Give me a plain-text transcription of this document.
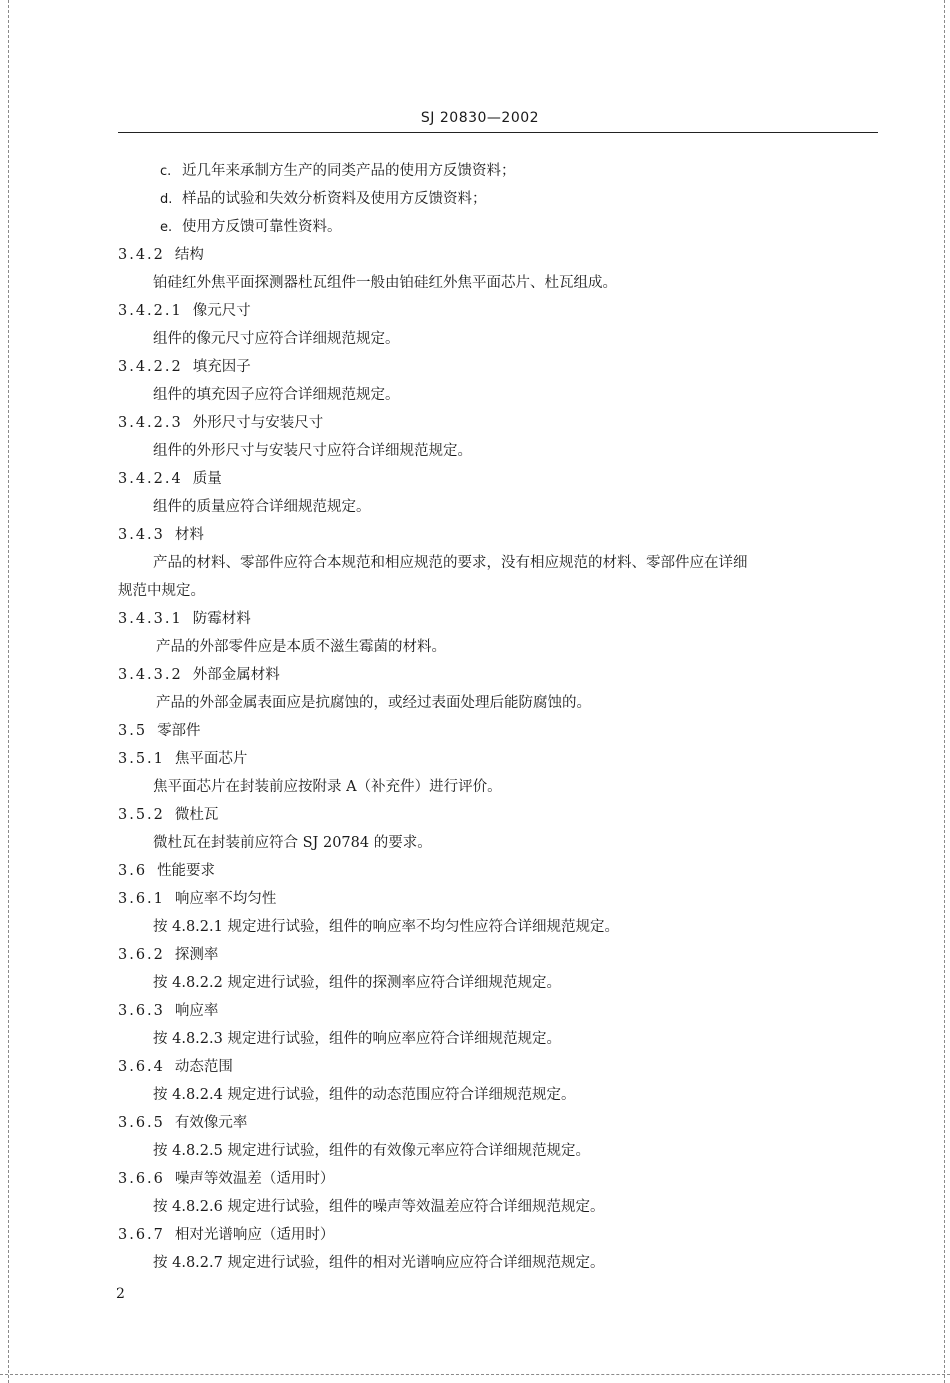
SJ 20830—2002
c. 近几年来承制方生产的同类产品的使用方反馈资料；
d. 样品的试验和失效分析资料及使用方反馈资料；
e. 使用方反馈可靠性资料。
3.4.2 结构
铂硅红外焦平面探测器杜瓦组件一般由铂硅红外焦平面芯片、杜瓦组成。
3.4.2.1 像元尺寸
组件的像元尺寸应符合详细规范规定。
3.4.2.2 填充因子
组件的填充因子应符合详细规范规定。
3.4.2.3 外形尺寸与安装尺寸
组件的外形尺寸与安装尺寸应符合详细规范规定。
3.4.2.4 质量
组件的质量应符合详细规范规定。
3.4.3 材料
产品的材料、零部件应符合本规范和相应规范的要求，没有相应规范的材料、零部件应在详细
规范中规定。
3.4.3.1 防霉材料
产品的外部零件应是本质不滋生霉菌的材料。
3.4.3.2 外部金属材料
产品的外部金属表面应是抗腐蚀的，或经过表面处理后能防腐蚀的。
3.5 零部件
3.5.1 焦平面芯片
焦平面芯片在封装前应按附录 A（补充件）进行评价。
3.5.2 微杜瓦
微杜瓦在封装前应符合 SJ 20784 的要求。
3.6 性能要求
3.6.1 响应率不均匀性
按 4.8.2.1 规定进行试验，组件的响应率不均匀性应符合详细规范规定。
3.6.2 探测率
按 4.8.2.2 规定进行试验，组件的探测率应符合详细规范规定。
3.6.3 响应率
按 4.8.2.3 规定进行试验，组件的响应率应符合详细规范规定。
3.6.4 动态范围
按 4.8.2.4 规定进行试验，组件的动态范围应符合详细规范规定。
3.6.5 有效像元率
按 4.8.2.5 规定进行试验，组件的有效像元率应符合详细规范规定。
3.6.6 噪声等效温差（适用时）
按 4.8.2.6 规定进行试验，组件的噪声等效温差应符合详细规范规定。
3.6.7 相对光谱响应（适用时）
按 4.8.2.7 规定进行试验，组件的相对光谱响应应符合详细规范规定。
2
